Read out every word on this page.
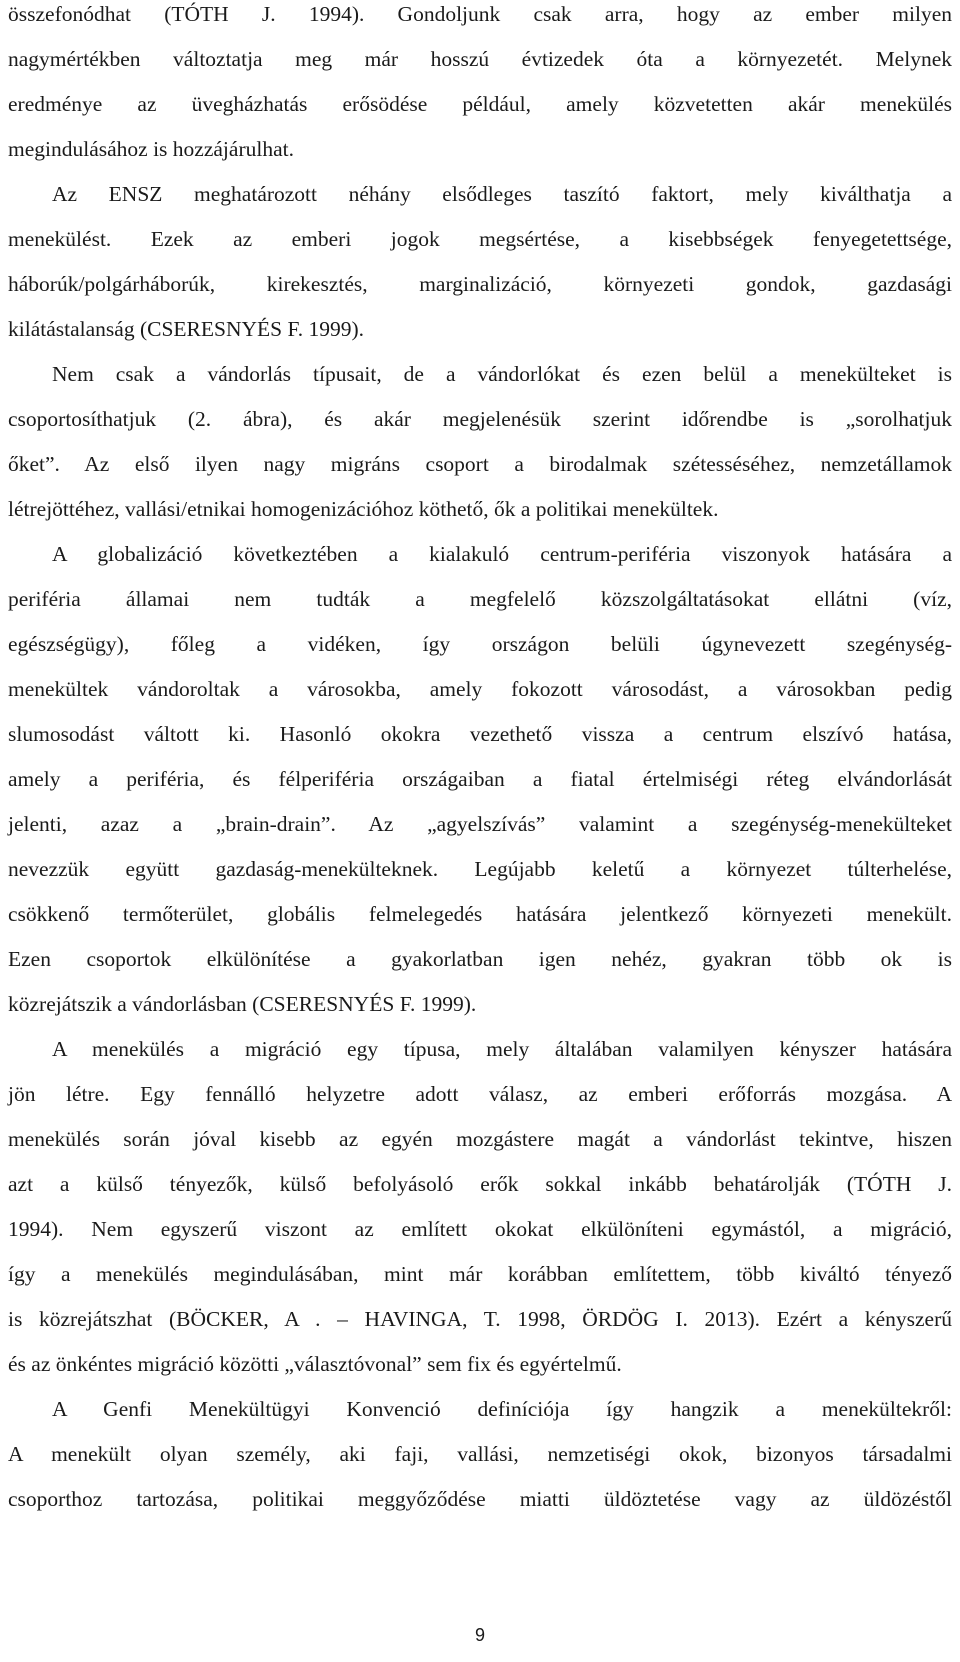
összefonódhat (TÓTH J. 1994). Gondoljunk csak arra, hogy az ember milyen
nagymértékben változtatja meg már hosszú évtizedek óta a környezetét. Melynek
eredménye az üvegházhatás erősödése például, amely közvetetten akár menekülés
megindulásához is hozzájárulhat.
Az ENSZ meghatározott néhány elsődleges taszító faktort, mely kiválthatja a
menekülést. Ezek az emberi jogok megsértése, a kisebbségek fenyegetettsége,
háborúk/polgárháborúk, kirekesztés, marginalizáció, környezeti gondok, gazdasági
kilátástalanság (CSERESNYÉS F. 1999).
Nem csak a vándorlás típusait, de a vándorlókat és ezen belül a menekülteket is
csoportosíthatjuk (2. ábra), és akár megjelenésük szerint időrendbe is „sorolhatjuk
őket”. Az első ilyen nagy migráns csoport a birodalmak szétesséséhez, nemzetállamok
létrejöttéhez, vallási/etnikai homogenizációhoz köthető, ők a politikai menekültek.
A globalizáció következtében a kialakuló centrum-periféria viszonyok hatására a
periféria államai nem tudták a megfelelő közszolgáltatásokat ellátni (víz,
egészségügy), főleg a vidéken, így országon belüli úgynevezett szegénység-
menekültek vándoroltak a városokba, amely fokozott városodást, a városokban pedig
slumosodást váltott ki. Hasonló okokra vezethető vissza a centrum elszívó hatása,
amely a periféria, és félperiféria országaiban a fiatal értelmiségi réteg elvándorlását
jelenti, azaz a „brain-drain”. Az „agyelszívás” valamint a szegénység-menekülteket
nevezzük együtt gazdaság-menekülteknek. Legújabb keletű a környezet túlterhelése,
csökkenő termőterület, globális felmelegedés hatására jelentkező környezeti menekült.
Ezen csoportok elkülönítése a gyakorlatban igen nehéz, gyakran több ok is
közrejátszik a vándorlásban (CSERESNYÉS F. 1999).
A menekülés a migráció egy típusa, mely általában valamilyen kényszer hatására
jön létre. Egy fennálló helyzetre adott válasz, az emberi erőforrás mozgása. A
menekülés során jóval kisebb az egyén mozgástere magát a vándorlást tekintve, hiszen
azt a külső tényezők, külső befolyásoló erők sokkal inkább behatárolják (TÓTH J.
1994). Nem egyszerű viszont az említett okokat elkülöníteni egymástól, a migráció,
így a menekülés megindulásában, mint már korábban említettem, több kiváltó tényező
is közrejátszhat (BÖCKER, A . – HAVINGA, T. 1998, ÖRDÖG I. 2013). Ezért a kényszerű
és az önkéntes migráció közötti „választóvonal” sem fix és egyértelmű.
A Genfi Menekültügyi Konvenció definíciója így hangzik a menekültekről:
A menekült olyan személy, aki faji, vallási, nemzetiségi okok, bizonyos társadalmi
csoporthoz tartozása, politikai meggyőződése miatti üldöztetése vagy az üldözéstől
9
